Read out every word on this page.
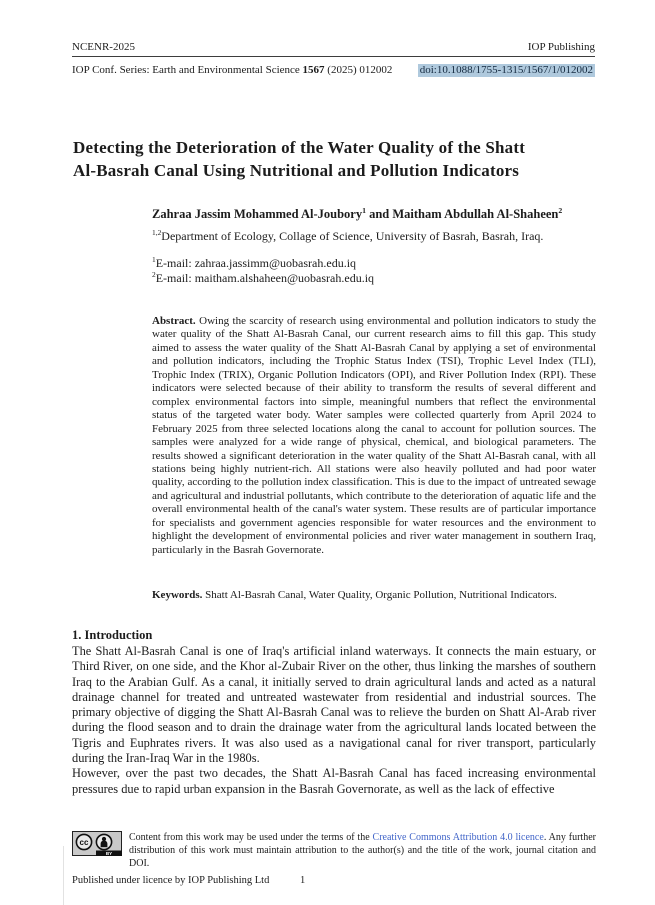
NCENR-2025	IOP Publishing
IOP Conf. Series: Earth and Environmental Science 1567 (2025) 012002 doi:10.1088/1755-1315/1567/1/012002
Detecting the Deterioration of the Water Quality of the Shatt
Al-Basrah Canal Using Nutritional and Pollution Indicators

Zahraa Jassim Mohammed Al-Joubory$^1$ and Maitham Abdullah Al-Shaheen$^2$

$^{1,2}$Department of Ecology, Collage of Science, University of Basrah, Basrah, Iraq.

$^1$E-mail: zahraa.jassimm@uobasrah.edu.iq

$^2$E-mail: maitham.alshaheen@uobasrah.edu.iq

Abstract. Owing the scarcity of research using environmental and pollution indicators to study the water quality of the Shatt Al-Basrah Canal, our current research aims to fill this gap. This study aimed to assess the water quality of the Shatt Al-Basrah Canal by applying a set of environmental and pollution indicators, including the Trophic Status Index (TSI), Trophic Level Index (TLI), Trophic Index (TRIX), Organic Pollution Indicators (OPI), and River Pollution Index (RPI). These indicators were selected because of their ability to transform the results of several different and complex environmental factors into simple, meaningful numbers that reflect the environmental status of the targeted water body. Water samples were collected quarterly from April 2024 to February 2025 from three selected locations along the canal to account for pollution sources. The samples were analyzed for a wide range of physical, chemical, and biological parameters. The results showed a significant deterioration in the water quality of the Shatt Al-Basrah canal, with all stations being highly nutrient-rich. All stations were also heavily polluted and had poor water quality, according to the pollution index classification. This is due to the impact of untreated sewage and agricultural and industrial pollutants, which contribute to the deterioration of aquatic life and the overall environmental health of the canal's water system. These results are of particular importance for specialists and government agencies responsible for water resources and the environment to highlight the development of environmental policies and river water management in southern Iraq, particularly in the Basrah Governorate.

Keywords. Shatt Al-Basrah Canal, Water Quality, Organic Pollution, Nutritional Indicators.

1. Introduction

The Shatt Al-Basrah Canal is one of Iraq's artificial inland waterways. It connects the main estuary, or Third River, on one side, and the Khor al-Zubair River on the other, thus linking the marshes of southern Iraq to the Arabian Gulf. As a canal, it initially served to drain agricultural lands and acted as a natural drainage channel for treated and untreated wastewater from residential and industrial sources. The primary objective of digging the Shatt Al-Basrah Canal was to relieve the burden on Shatt Al-Arab river during the flood season and to drain the drainage water from the agricultural lands located between the Tigris and Euphrates rivers. It was also used as a navigational canal for river transport, particularly during the Iran-Iraq War in the 1980s.

However, over the past two decades, the Shatt Al-Basrah Canal has faced increasing environmental pressures due to rapid urban expansion in the Basrah Governorate, as well as the lack of effective

cc
BY

Content from this work may be used under the terms of the Creative Commons Attribution 4.0 licence. Any further distribution of this work must maintain attribution to the author(s) and the title of the work, journal citation and DOI.

Published under licence by IOP Publishing Ltd	1
